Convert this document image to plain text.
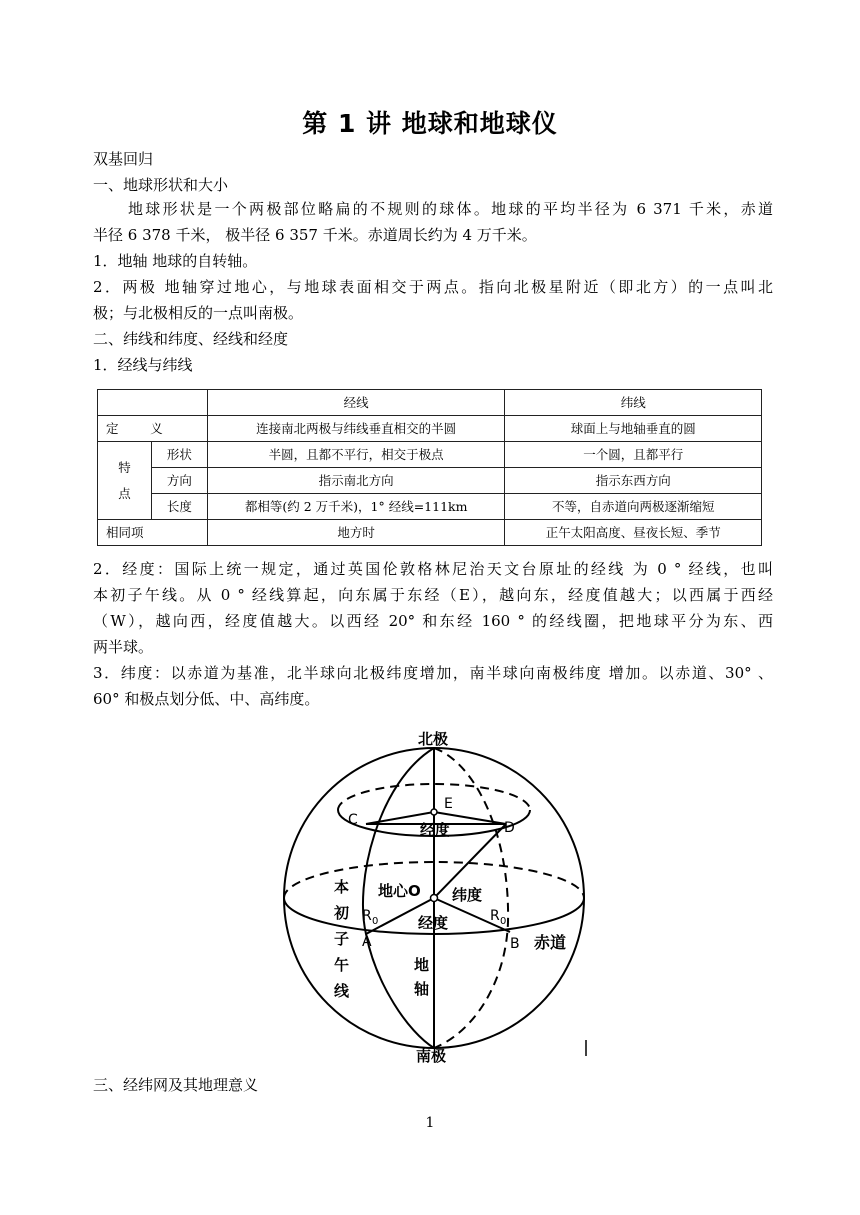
第 1 讲 地球和地球仪
双基回归
一、地球形状和大小
地球形状是一个两极部位略扁的不规则的球体。地球的平均半径为 6 371 千米，赤道
半径 6 378 千米， 极半径 6 357 千米。赤道周长约为 4 万千米。
1．地轴 地球的自转轴。
2．两极 地轴穿过地心，与地球表面相交于两点。指向北极星附近（即北方）的一点叫北
极；与北极相反的一点叫南极。
二、纬线和纬度、经线和经度
1．经线与纬线
		经线	纬线
定        义		连接南北两极与纬线垂直相交的半圆	球面上与地轴垂直的圆
特
点	形状	半圆，且都不平行，相交于极点	一个圆，且都平行
	方向	指示南北方向	指示东西方向
	长度	都相等(约 2 万千米)，1° 经线=111km	不等，自赤道向两极逐渐缩短
相同项		地方时	正午太阳高度、昼夜长短、季节
2．经度：国际上统一规定，通过英国伦敦格林尼治天文台原址的经线 为 0 ° 经线，也叫
本初子午线。从 0 ° 经线算起，向东属于东经（E），越向东，经度值越大；以西属于西经
（W），越向西，经度值越大。以西经 20° 和东经 160 ° 的经线圈，把地球平分为东、西
两半球。
3．纬度：以赤道为基准，北半球向北极纬度增加，南半球向南极纬度 增加。以赤道、30° 、
60° 和极点划分低、中、高纬度。
北极
南极
赤道
E
C	D
A	B
经度
经度
地心O 纬度
R 0	R 0
地
轴
本
初
子
午
线
三、经纬网及其地理意义
1
